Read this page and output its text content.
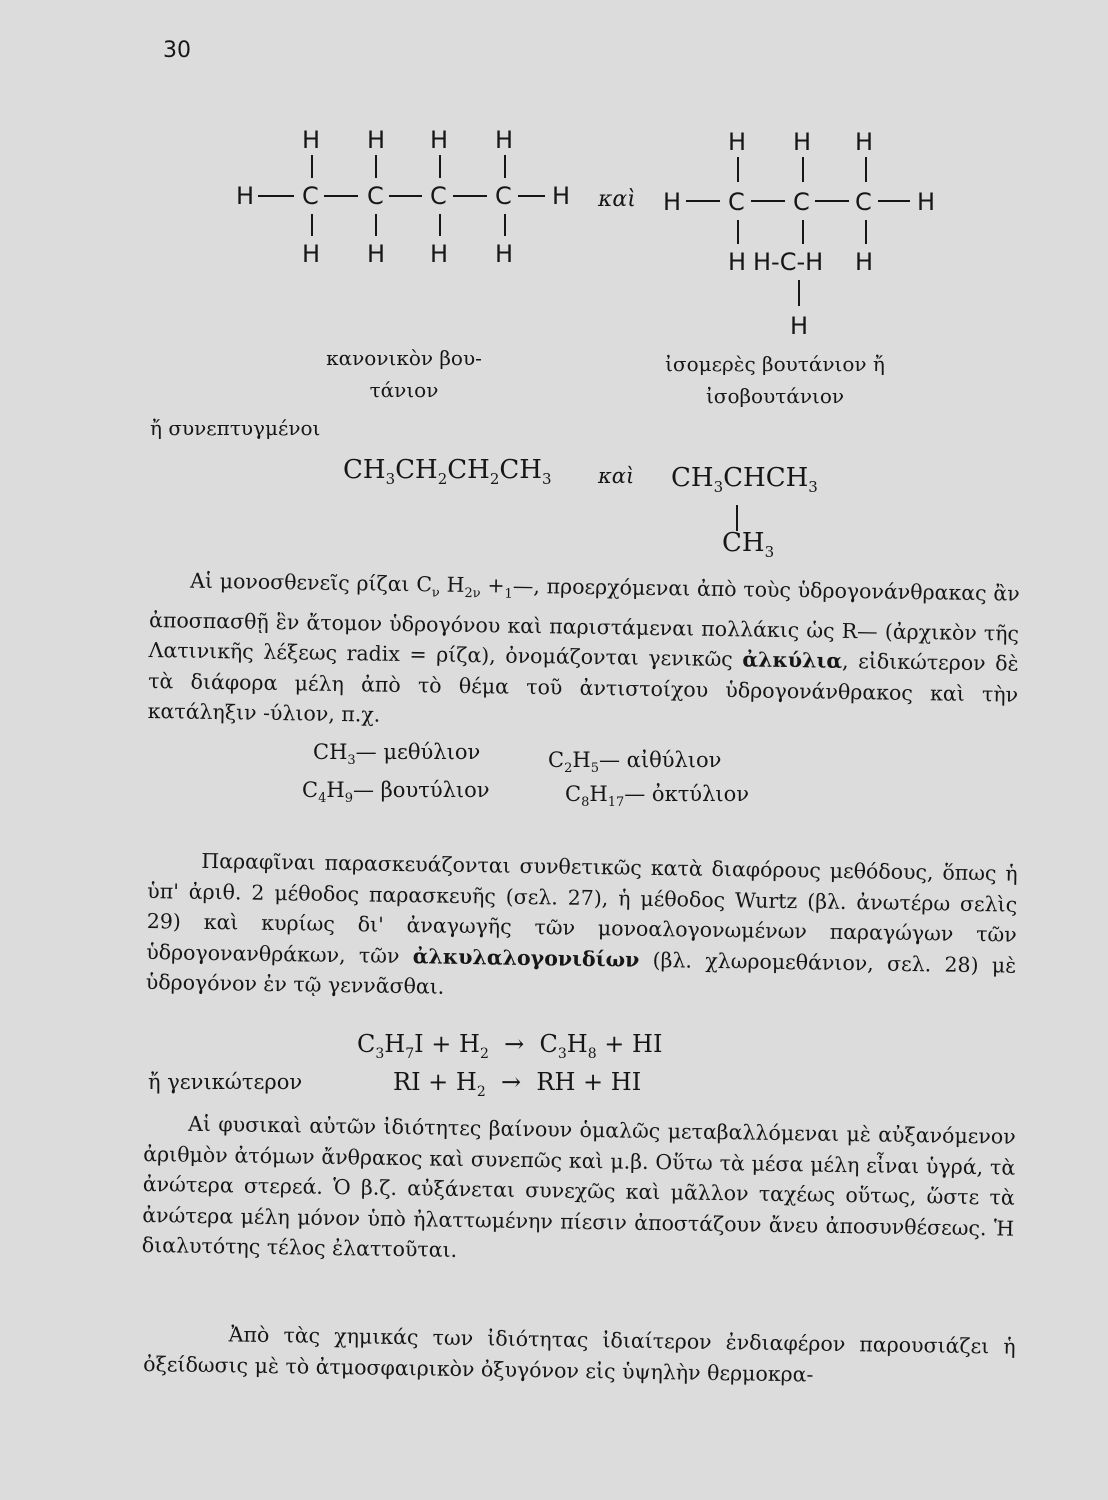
30
H H H H
H C C C C H
H H H H
καὶ
H H H
H C C C H
H H-C-H H
H
κανονικὸν βου-
τάνιον
ἰσομερὲς βουτάνιον ἤ
ἰσοβουτάνιον
ἤ συνεπτυγμένοι
$CH_3CH_2CH_2CH_3$ καὶ $CH_3CHCH_3$
$CH_3$

Αἱ μονοσθενεῖς ρίζαι $C_\nu$ $H_{2\nu}$ $+_1—$, προερχόμεναι ἀπὸ τοὺς ὑδρογονάνθρακας ἂν ἀποσπασθῇ ἓν ἄτομον ὑδρογόνου καὶ παριστάμεναι πολλάκις ὡς R— (ἀρχικὸν τῆς Λατινικῆς λέξεως radix = ρίζα), ὀνομάζονται γενικῶς ἀλκύλια, εἰδικώτερον δὲ τὰ διάφορα μέλη ἀπὸ τὸ θέμα τοῦ ἀντιστοίχου ὑδρογονάνθρακος καὶ τὴν κατάληξιν -ύλιον, π.χ.

$CH_3—$ μεθύλιον	$C_2H_5—$ αἰθύλιον
$C_4H_9—$ βουτύλιον	$C_8H_{17}—$ ὀκτύλιον

Παραφῖναι παρασκευάζονται συνθετικῶς κατὰ διαφόρους μεθόδους, ὅπως ἡ ὑπ' ἀριθ. 2 μέθοδος παρασκευῆς (σελ. 27), ἡ μέθοδος Wurtz (βλ. ἀνωτέρω σελὶς 29) καὶ κυρίως δι' ἀναγωγῆς τῶν μονοαλογονωμένων παραγώγων τῶν ὑδρογονανθράκων, τῶν ἀλκυλαλογονιδίων (βλ. χλωρομεθάνιον, σελ. 28) μὲ ὑδρογόνον ἐν τῷ γεννᾶσθαι.

$C_3H_7I + H_2 \to C_3H_8$ + HI
ἤ γενικώτερον	RI + $H_2$  →  RH + HI

Αἱ φυσικαὶ αὐτῶν ἰδιότητες βαίνουν ὁμαλῶς μεταβαλλόμεναι μὲ αὐξανόμενον ἀριθμὸν ἀτόμων ἄνθρακος καὶ συνεπῶς καὶ μ.β. Οὕτω τὰ μέσα μέλη εἶναι ὑγρά, τὰ ἀνώτερα στερεά. Ὁ β.ζ. αὐξάνεται συνεχῶς καὶ μᾶλλον ταχέως οὕτως, ὥστε τὰ ἀνώτερα μέλη μόνον ὑπὸ ἠλαττωμένην πίεσιν ἀποστάζουν ἄνευ ἀποσυνθέσεως. Ἡ διαλυτότης τέλος ἐλαττοῦται.

Ἀπὸ τὰς χημικάς των ἰδιότητας ἰδιαίτερον ἐνδιαφέρον παρουσιάζει ἡ ὀξείδωσις μὲ τὸ ἀτμοσφαιρικὸν ὀξυγόνον εἰς ὑψηλὴν θερμοκρα-
